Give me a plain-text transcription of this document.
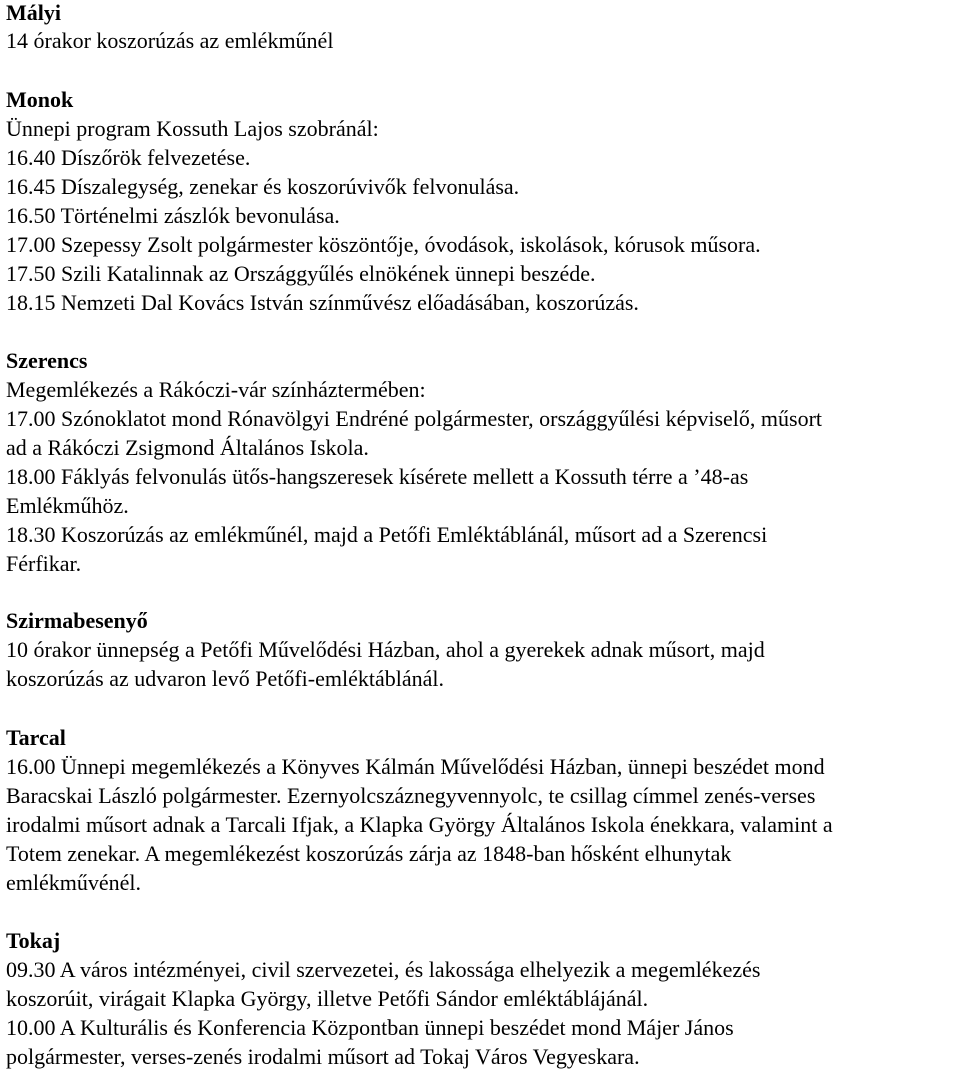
Mályi
14 órakor koszorúzás az emlékműnél
Monok
Ünnepi program Kossuth Lajos szobránál:
16.40 Díszőrök felvezetése.
16.45 Díszalegység, zenekar és koszorúvivők felvonulása.
16.50 Történelmi zászlók bevonulása.
17.00 Szepessy Zsolt polgármester köszöntője, óvodások, iskolások, kórusok műsora.
17.50 Szili Katalinnak az Országgyűlés elnökének ünnepi beszéde.
18.15 Nemzeti Dal Kovács István színművész előadásában, koszorúzás.
Szerencs
Megemlékezés a Rákóczi-vár színháztermében:
17.00 Szónoklatot mond Rónavölgyi Endréné polgármester, országgyűlési képviselő, műsort
ad a Rákóczi Zsigmond Általános Iskola.
18.00 Fáklyás felvonulás ütős-hangszeresek kísérete mellett a Kossuth térre a ’48-as
Emlékműhöz.
18.30 Koszorúzás az emlékműnél, majd a Petőfi Emléktáblánál, műsort ad a Szerencsi
Férfikar.
Szirmabesenyő
10 órakor ünnepség a Petőfi Művelődési Házban, ahol a gyerekek adnak műsort, majd
koszorúzás az udvaron levő Petőfi-emléktáblánál.
Tarcal
16.00 Ünnepi megemlékezés a Könyves Kálmán Művelődési Házban, ünnepi beszédet mond
Baracskai László polgármester. Ezernyolcszáznegyvennyolc, te csillag címmel zenés-verses
irodalmi műsort adnak a Tarcali Ifjak, a Klapka György Általános Iskola énekkara, valamint a
Totem zenekar. A megemlékezést koszorúzás zárja az 1848-ban hősként elhunytak
emlékművénél.
Tokaj
09.30 A város intézményei, civil szervezetei, és lakossága elhelyezik a megemlékezés
koszorúit, virágait Klapka György, illetve Petőfi Sándor emléktáblájánál.
10.00 A Kulturális és Konferencia Központban ünnepi beszédet mond Májer János
polgármester, verses-zenés irodalmi műsort ad Tokaj Város Vegyeskara.
